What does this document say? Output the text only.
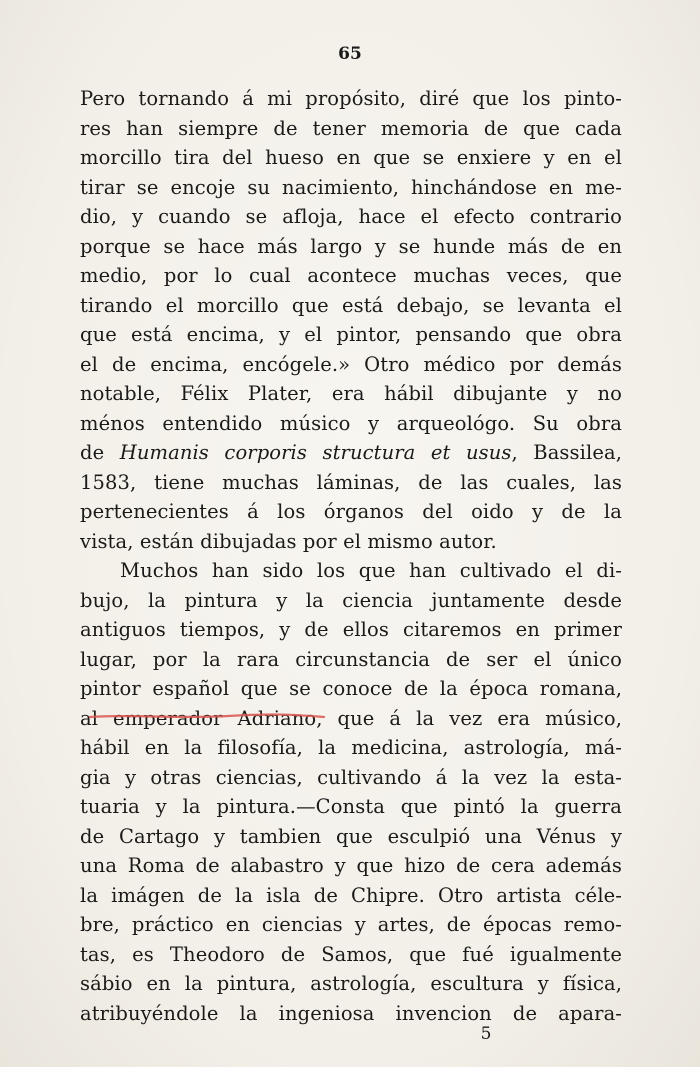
65
Pero tornando á mi propósito, diré que los pinto-
res han siempre de tener memoria de que cada
morcillo tira del hueso en que se enxiere y en el
tirar se encoje su nacimiento, hinchándose en me-
dio, y cuando se afloja, hace el efecto contrario
porque se hace más largo y se hunde más de en
medio, por lo cual acontece muchas veces, que
tirando el morcillo que está debajo, se levanta el
que está encima, y el pintor, pensando que obra
el de encima, encógele.» Otro médico por demás
notable, Félix Plater, era hábil dibujante y no
ménos entendido músico y arqueológo. Su obra
de Humanis corporis structura et usus, Bassilea,
1583, tiene muchas láminas, de las cuales, las
pertenecientes á los órganos del oido y de la
vista, están dibujadas por el mismo autor.
Muchos han sido los que han cultivado el di-
bujo, la pintura y la ciencia juntamente desde
antiguos tiempos, y de ellos citaremos en primer
lugar, por la rara circunstancia de ser el único
pintor español que se conoce de la época romana,
al emperador Adriano, que á la vez era músico,
hábil en la filosofía, la medicina, astrología, má-
gia y otras ciencias, cultivando á la vez la esta-
tuaria y la pintura.—Consta que pintó la guerra
de Cartago y tambien que esculpió una Vénus y
una Roma de alabastro y que hizo de cera además
la imágen de la isla de Chipre. Otro artista céle-
bre, práctico en ciencias y artes, de épocas remo-
tas, es Theodoro de Samos, que fué igualmente
sábio en la pintura, astrología, escultura y física,
atribuyéndole la ingeniosa invencion de apara-
5
